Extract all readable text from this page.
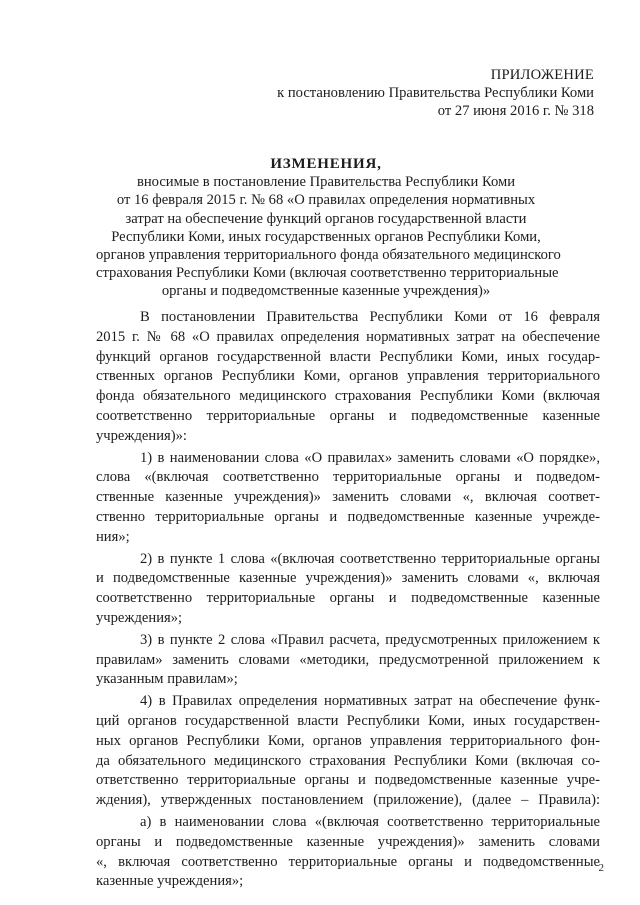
ПРИЛОЖЕНИЕ
к постановлению Правительства Республики Коми
от 27 июня 2016 г. № 318
ИЗМЕНЕНИЯ,
вносимые в постановление Правительства Республики Коми
от 16 февраля 2015 г. № 68 «О правилах определения нормативных
затрат на обеспечение функций органов государственной власти
Республики Коми, иных государственных органов Республики Коми,
органов управления территориального фонда обязательного медицинского
страхования Республики Коми (включая соответственно территориальные
органы и подведомственные казенные учреждения)»
В постановлении Правительства Республики Коми от 16 февраля
2015 г. № 68 «О правилах определения нормативных затрат на обеспечение
функций органов государственной власти Республики Коми, иных государ-
ственных органов Республики Коми, органов управления территориального
фонда обязательного медицинского страхования Республики Коми (включая
соответственно территориальные органы и подведомственные казенные
учреждения)»:
1) в наименовании слова «О правилах» заменить словами «О порядке»,
слова «(включая соответственно территориальные органы и подведом-
ственные казенные учреждения)» заменить словами «, включая соответ-
ственно территориальные органы и подведомственные казенные учрежде-
ния»;
2) в пункте 1 слова «(включая соответственно территориальные органы
и подведомственные казенные учреждения)» заменить словами «, включая
соответственно территориальные органы и подведомственные казенные
учреждения»;
3) в пункте 2 слова «Правил расчета, предусмотренных приложением к
правилам» заменить словами «методики, предусмотренной приложением к
указанным правилам»;
4) в Правилах определения нормативных затрат на обеспечение функ-
ций органов государственной власти Республики Коми, иных государствен-
ных органов Республики Коми, органов управления территориального фон-
да обязательного медицинского страхования Республики Коми (включая со-
ответственно территориальные органы и подведомственные казенные учре-
ждения), утвержденных постановлением (приложение), (далее – Правила):
а) в наименовании слова «(включая соответственно территориальные
органы и подведомственные казенные учреждения)» заменить словами
«, включая соответственно территориальные органы и подведомственные
казенные учреждения»;
2
